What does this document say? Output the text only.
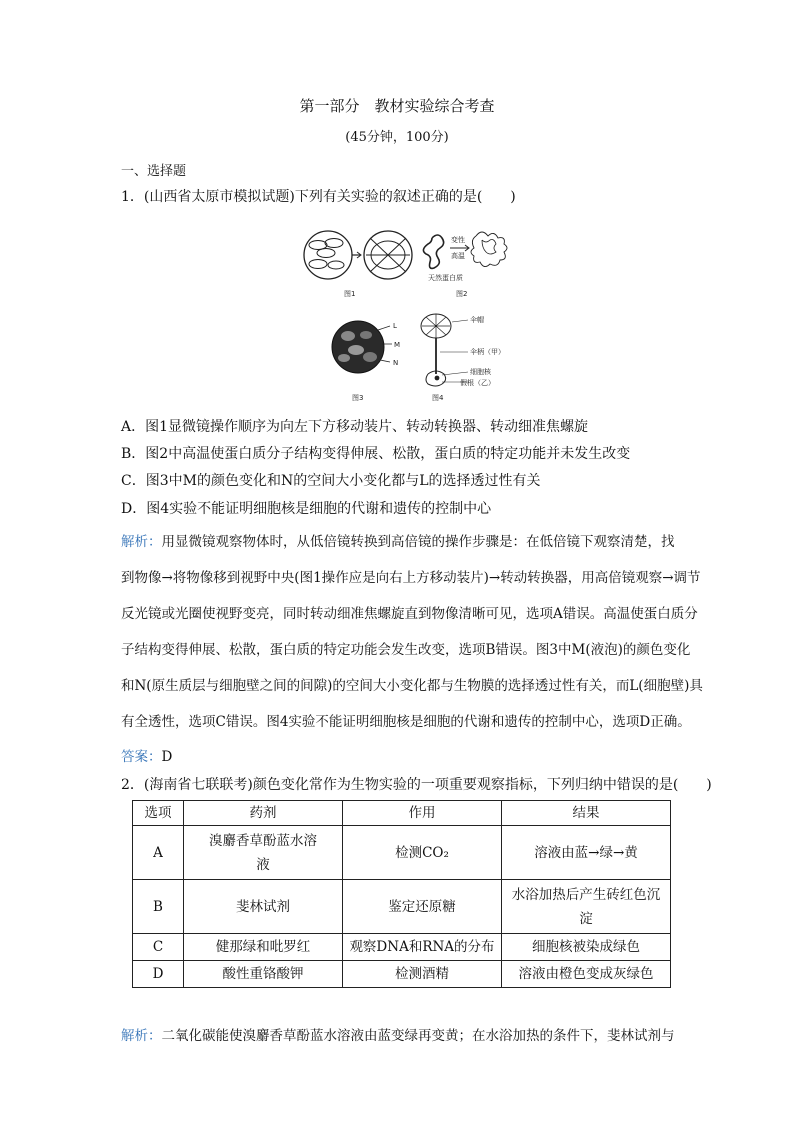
第一部分　教材实验综合考查
(45分钟，100分)
一、选择题
1．(山西省太原市模拟试题)下列有关实验的叙述正确的是(　　)
图1
变性
高温
天然蛋白质
图2
L
M
N
图3
伞帽
伞柄（甲）
细胞核
假根（乙）
图4
A．图1显微镜操作顺序为向左下方移动装片、转动转换器、转动细准焦螺旋
B．图2中高温使蛋白质分子结构变得伸展、松散，蛋白质的特定功能并未发生改变
C．图3中M的颜色变化和N的空间大小变化都与L的选择透过性有关
D．图4实验不能证明细胞核是细胞的代谢和遗传的控制中心
解析：用显微镜观察物体时，从低倍镜转换到高倍镜的操作步骤是：在低倍镜下观察清楚，找
到物像→将物像移到视野中央(图1操作应是向右上方移动装片)→转动转换器，用高倍镜观察→调节
反光镜或光圈使视野变亮，同时转动细准焦螺旋直到物像清晰可见，选项A错误。高温使蛋白质分
子结构变得伸展、松散，蛋白质的特定功能会发生改变，选项B错误。图3中M(液泡)的颜色变化
和N(原生质层与细胞壁之间的间隙)的空间大小变化都与生物膜的选择透过性有关，而L(细胞壁)具
有全透性，选项C错误。图4实验不能证明细胞核是细胞的代谢和遗传的控制中心，选项D正确。
答案：D
2．(海南省七联联考)颜色变化常作为生物实验的一项重要观察指标，下列归纳中错误的是(　　)
选项	药剂	作用	结果
A	溴麝香草酚蓝水溶
液	检测CO₂	溶液由蓝→绿→黄
B	斐林试剂	鉴定还原糖	水浴加热后产生砖红色沉
淀

C	健那绿和吡罗红	观察DNA和RNA的分布	细胞核被染成绿色
D	酸性重铬酸钾	检测酒精	溶液由橙色变成灰绿色
解析：二氧化碳能使溴麝香草酚蓝水溶液由蓝变绿再变黄；在水浴加热的条件下，斐林试剂与
